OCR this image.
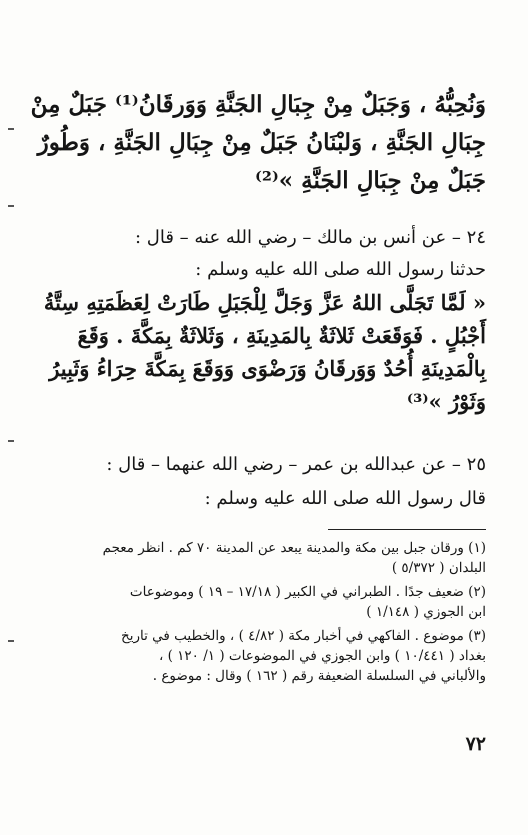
وَنُحِبُّهُ ، وَجَبَلٌ مِنْ جِبَالِ الجَنَّةِ وَوَرقَانُ⁽¹⁾ جَبَلٌ مِنْ
جِبَالِ الجَنَّةِ ، وَلبْنَانُ جَبَلٌ مِنْ جِبَالِ الجَنَّةِ ، وَطُورٌ
جَبَلٌ مِنْ جِبَالِ الجَنَّةِ »⁽²⁾
٢٤ – عن أنس بن مالك – رضي الله عنه – قال :
حدثنا رسول الله صلى الله عليه وسلم :
« لَمَّا تَجَلَّى اللهُ عَزَّ وَجَلَّ لِلْجَبَلِ طَارَتْ لِعَظَمَتِهِ سِتَّةُ
أَجْبُلٍ . فَوَقَعَتْ ثَلاثَةٌ بِالمَدِينَةِ ، وَثَلاثَةٌ بِمَكَّةَ . وَقَعَ
بِالْمَدِينَةِ أُحُدٌ وَوَرقَانُ وَرَضْوَى وَوَقَعَ بِمَكَّةَ حِرَاءُ وَثَبِيرُ
وَثَوْرُ »⁽³⁾
٢٥ – عن عبدالله بن عمر – رضي الله عنهما – قال :
قال رسول الله صلى الله عليه وسلم :
(١) ورقان جبل بين مكة والمدينة يبعد عن المدينة ٧٠ كم . انظر معجم
البلدان ( ٥/٣٧٢ )
(٢) ضعيف جدًا . الطبراني في الكبير ( ١٧/١٨ – ١٩ ) وموضوعات
ابن الجوزي ( ١/١٤٨ )
(٣) موضوع . الفاكهي في أخبار مكة ( ٤/٨٢ ) ، والخطيب في تاريخ
بغداد ( ١٠/٤٤١ ) وابن الجوزي في الموضوعات ( ١/ ١٢٠ ) ،
والألباني في السلسلة الضعيفة رقم ( ١٦٢ ) وقال : موضوع .
٧٢
